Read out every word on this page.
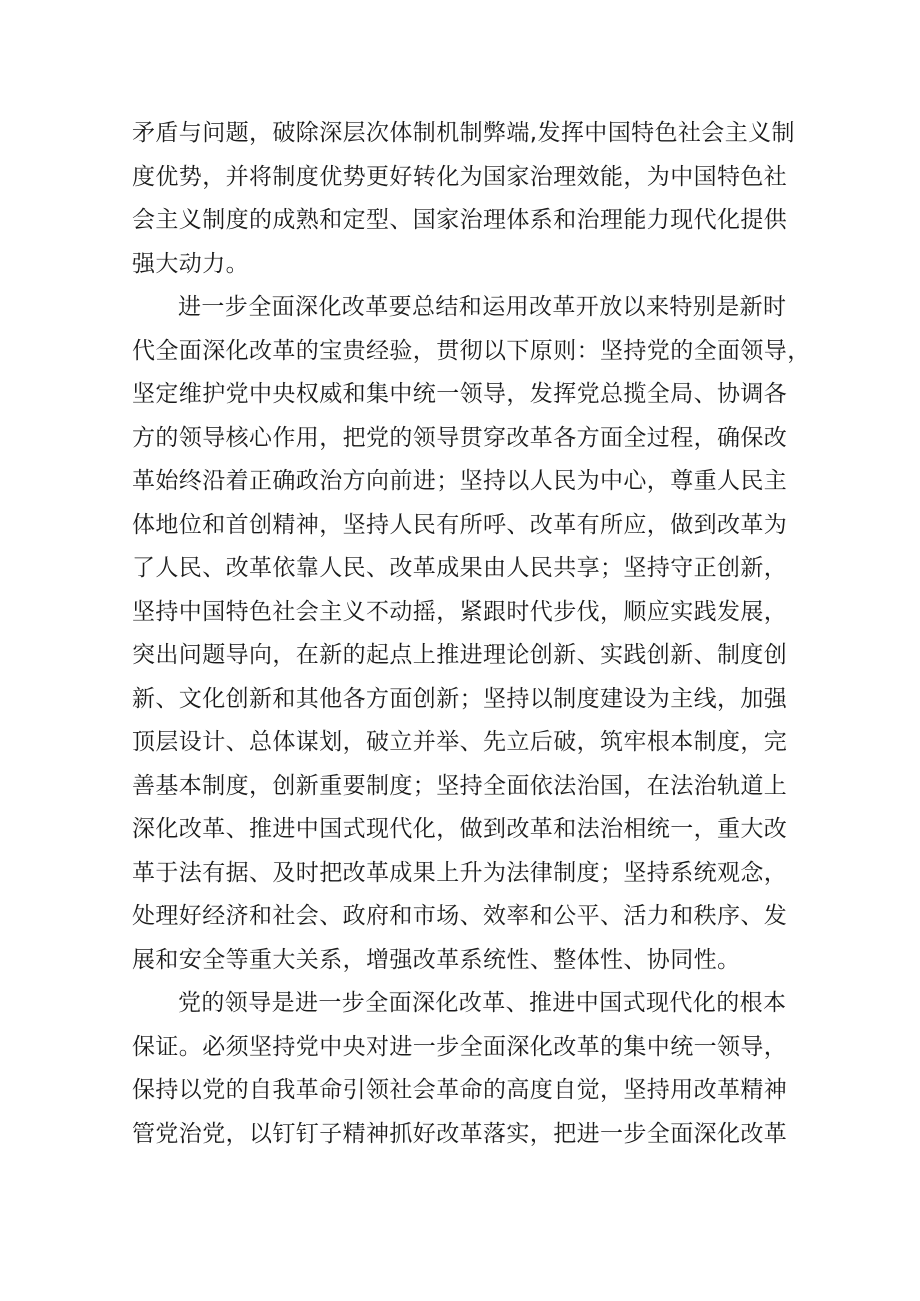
矛盾与问题，破除深层次体制机制弊端,发挥中国特色社会主义制
度优势，并将制度优势更好转化为国家治理效能，为中国特色社
会主义制度的成熟和定型、国家治理体系和治理能力现代化提供
强大动力。
进一步全面深化改革要总结和运用改革开放以来特别是新时
代全面深化改革的宝贵经验，贯彻以下原则：坚持党的全面领导，
坚定维护党中央权威和集中统一领导，发挥党总揽全局、协调各
方的领导核心作用，把党的领导贯穿改革各方面全过程，确保改
革始终沿着正确政治方向前进；坚持以人民为中心，尊重人民主
体地位和首创精神，坚持人民有所呼、改革有所应，做到改革为
了人民、改革依靠人民、改革成果由人民共享；坚持守正创新，
坚持中国特色社会主义不动摇，紧跟时代步伐，顺应实践发展，
突出问题导向，在新的起点上推进理论创新、实践创新、制度创
新、文化创新和其他各方面创新；坚持以制度建设为主线，加强
顶层设计、总体谋划，破立并举、先立后破，筑牢根本制度，完
善基本制度，创新重要制度；坚持全面依法治国，在法治轨道上
深化改革、推进中国式现代化，做到改革和法治相统一，重大改
革于法有据、及时把改革成果上升为法律制度；坚持系统观念，
处理好经济和社会、政府和市场、效率和公平、活力和秩序、发
展和安全等重大关系，增强改革系统性、整体性、协同性。
党的领导是进一步全面深化改革、推进中国式现代化的根本
保证。必须坚持党中央对进一步全面深化改革的集中统一领导，
保持以党的自我革命引领社会革命的高度自觉，坚持用改革精神
管党治党，以钉钉子精神抓好改革落实，把进一步全面深化改革
